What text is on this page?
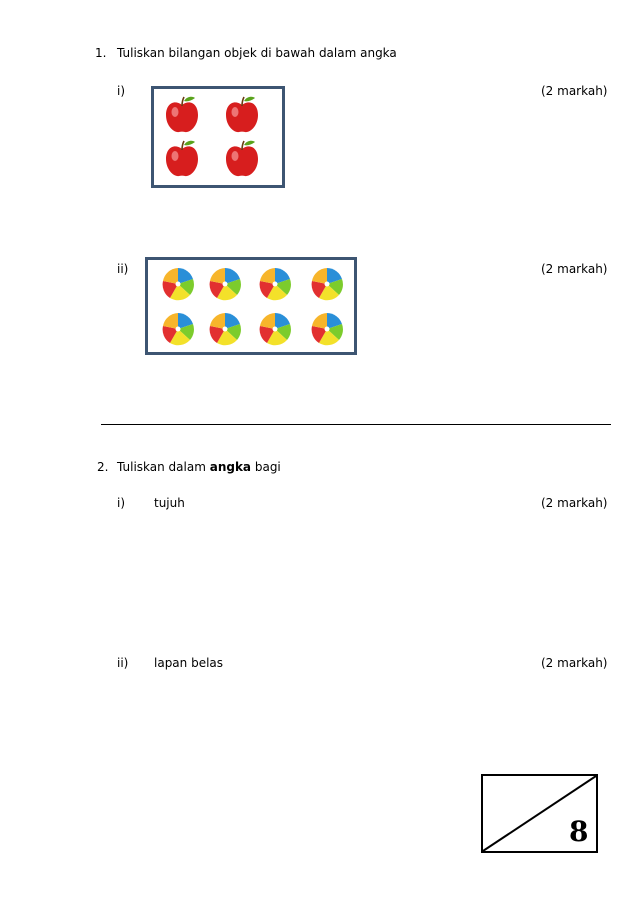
1. Tuliskan bilangan objek di bawah dalam angka
i)	(2 markah)
ii)	(2 markah)
2. Tuliskan dalam angka bagi
i) tujuh	(2 markah)
ii) lapan belas	(2 markah)
8
